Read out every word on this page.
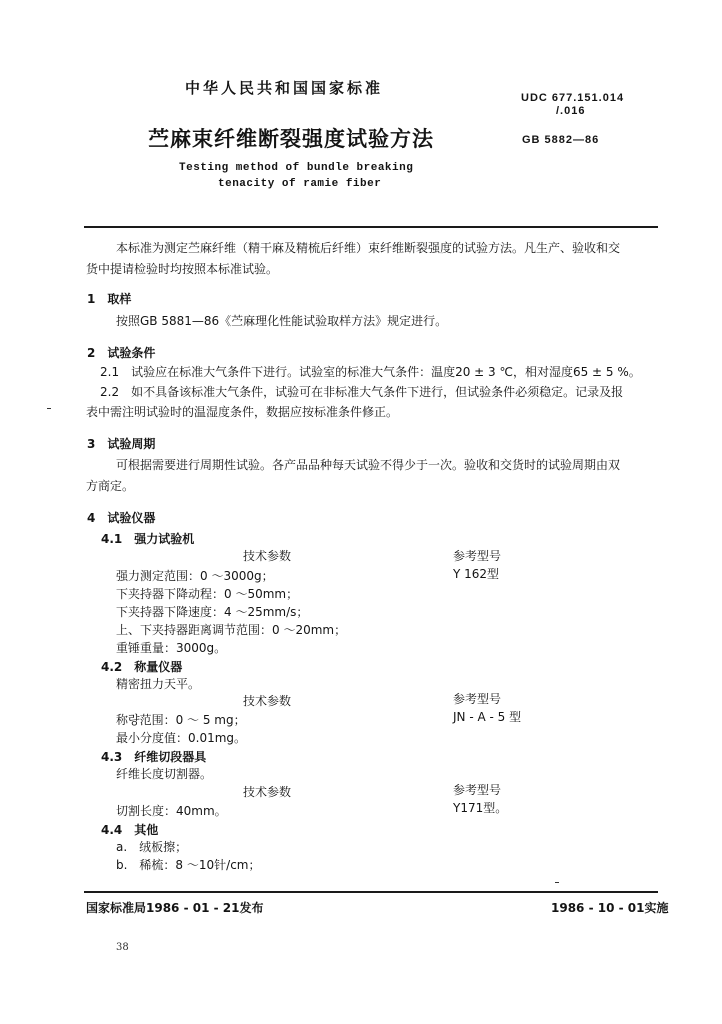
中华人民共和国国家标准
UDC 677.151.014
/.016
苎麻束纤维断裂强度试验方法	GB 5882—86
Testing method of bundle breaking
tenacity of ramie fiber
本标准为测定苎麻纤维（精干麻及精梳后纤维）束纤维断裂强度的试验方法。凡生产、验收和交
货中提请检验时均按照本标准试验。
1　取样
按照GB 5881—86《苎麻理化性能试验取样方法》规定进行。
2　试验条件
2.1　试验应在标准大气条件下进行。试验室的标准大气条件：温度20 ± 3 ℃，相对湿度65 ± 5 %。
2.2　如不具备该标准大气条件，试验可在非标准大气条件下进行，但试验条件必须稳定。记录及报
表中需注明试验时的温湿度条件，数据应按标准条件修正。
3　试验周期
可根据需要进行周期性试验。各产品品种每天试验不得少于一次。验收和交货时的试验周期由双
方商定。
4　试验仪器
4.1　强力试验机
技术参数	参考型号
强力测定范围：0 ～3000g；	Y 162型
下夹持器下降动程：0 ～50mm；
下夹持器下降速度：4 ～25mm/s；
上、下夹持器距离调节范围：0 ～20mm；
重锤重量：3000g。
4.2　称量仪器
精密扭力天平。
技术参数	参考型号
称량范围：0 ～ 5 mg；	JN - A - 5 型
最小分度值：0.01mg。
4.3　纤维切段器具
纤维长度切割器。
技术参数	参考型号
切割长度：40mm。	Y171型。
4.4　其他
a.　绒板擦；
b.　稀梳：8 ～10针/cm；
国家标准局1986 - 01 - 21发布	1986 - 10 - 01实施
38
